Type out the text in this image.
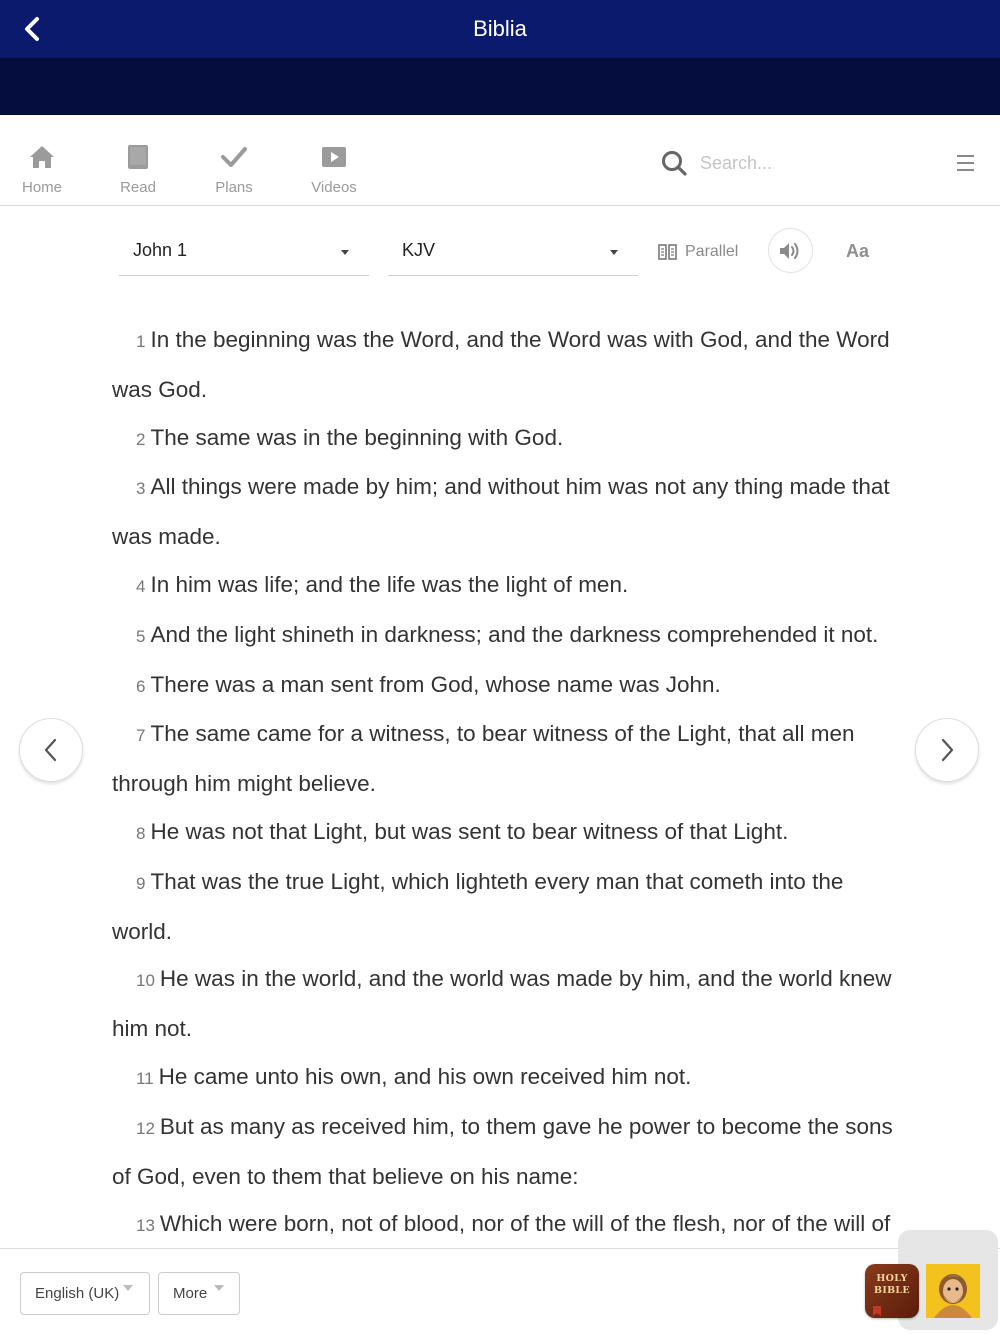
Biblia
Home	Read	Plans	Videos
Search...
John 1	KJV	Parallel	Aa
1 In the beginning was the Word, and the Word was with God, and the Word was God.
2 The same was in the beginning with God.
3 All things were made by him; and without him was not any thing made that was made.
4 In him was life; and the life was the light of men.
5 And the light shineth in darkness; and the darkness comprehended it not.
6 There was a man sent from God, whose name was John.
7 The same came for a witness, to bear witness of the Light, that all men through him might believe.
8 He was not that Light, but was sent to bear witness of that Light.
9 That was the true Light, which lighteth every man that cometh into the world.
10 He was in the world, and the world was made by him, and the world knew him not.
11 He came unto his own, and his own received him not.
12 But as many as received him, to them gave he power to become the sons of God, even to them that believe on his name:
13 Which were born, not of blood, nor of the will of the flesh, nor of the will of
English (UK)	More
HOLY
BIBLE
